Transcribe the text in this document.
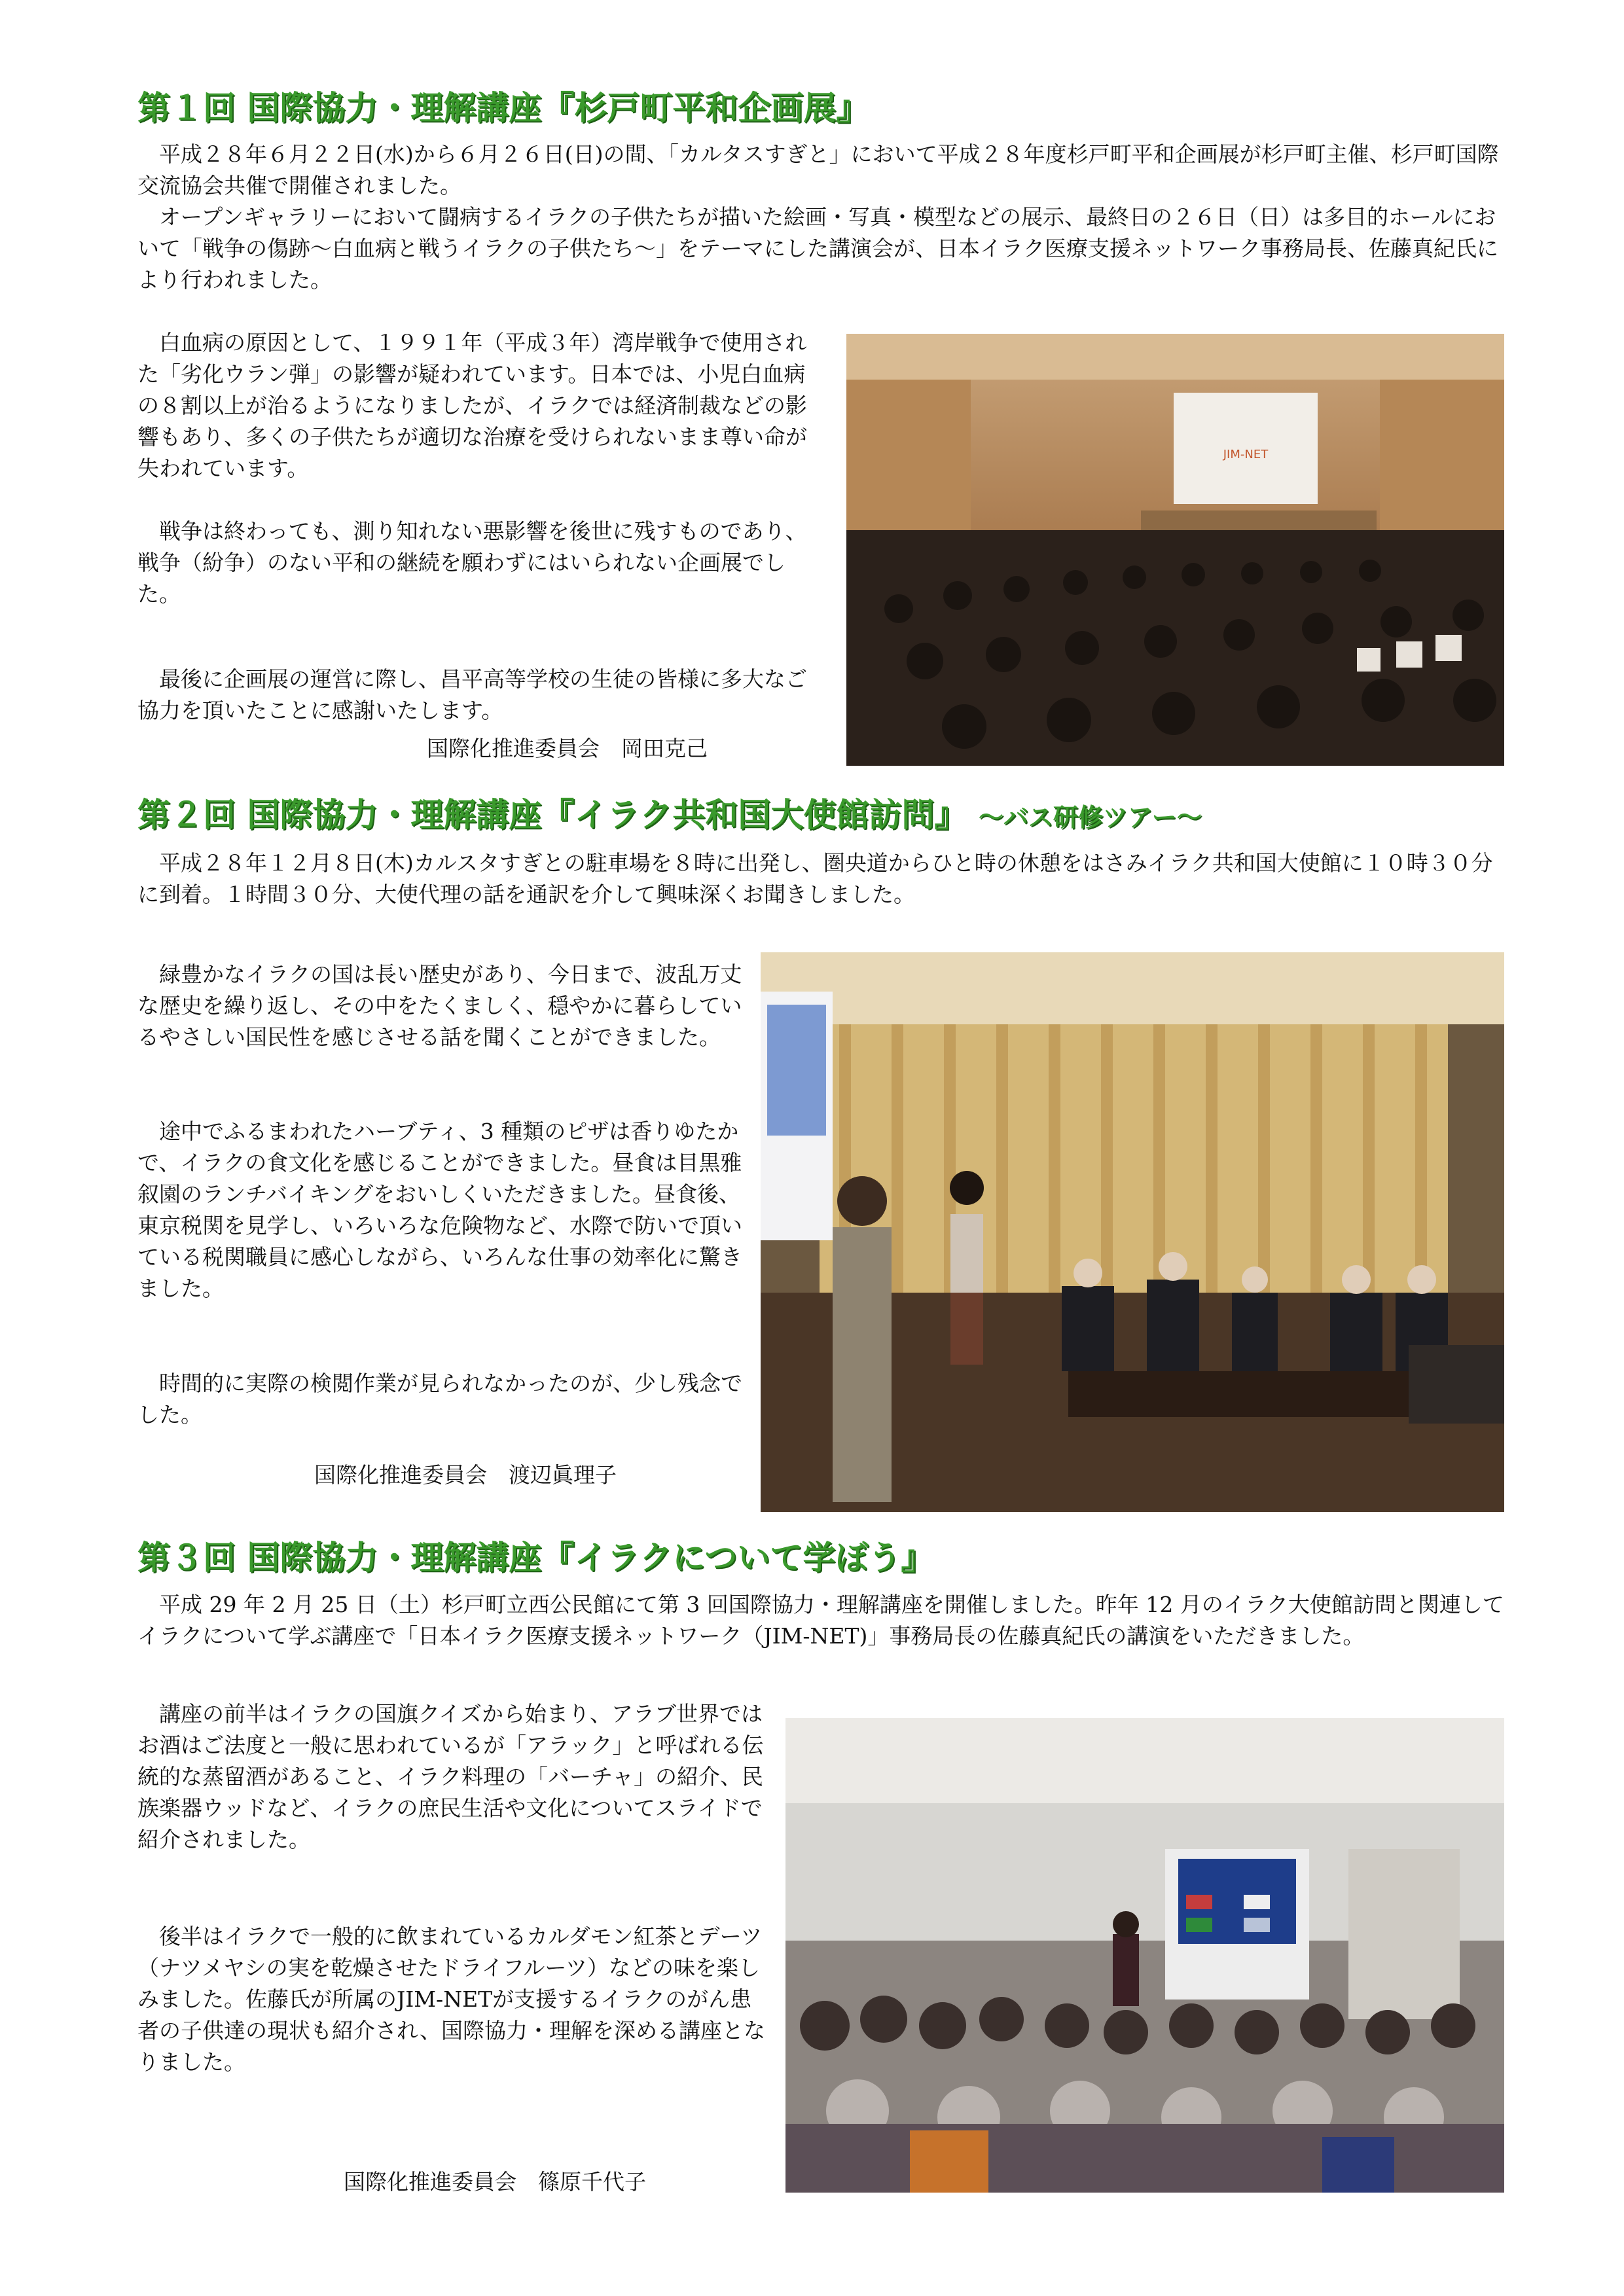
第１回 国際協力・理解講座『杉戸町平和企画展』

平成２８年６月２２日(水)から６月２６日(日)の間、「カルタスすぎと」において平成２８年度杉戸町平和企画展が杉戸町主催、杉戸町国際交流協会共催で開催されました。

オープンギャラリーにおいて闘病するイラクの子供たちが描いた絵画・写真・模型などの展示、最終日の２６日（日）は多目的ホールにおいて「戦争の傷跡～白血病と戦うイラクの子供たち～」をテーマにした講演会が、日本イラク医療支援ネットワーク事務局長、佐藤真紀氏により行われました。

白血病の原因として、１９９１年（平成３年）湾岸戦争で使用された「劣化ウラン弾」の影響が疑われています。日本では、小児白血病の８割以上が治るようになりましたが、イラクでは経済制裁などの影響もあり、多くの子供たちが適切な治療を受けられないまま尊い命が失われています。

戦争は終わっても、測り知れない悪影響を後世に残すものであり、戦争（紛争）のない平和の継続を願わずにはいられない企画展でした。

最後に企画展の運営に際し、昌平高等学校の生徒の皆様に多大なご協力を頂いたことに感謝いたします。

国際化推進委員会　岡田克己

JIM-NET
第２回 国際協力・理解講座『イラク共和国大使館訪問』 ～バス研修ツアー～

平成２８年１２月８日(木)カルスタすぎとの駐車場を８時に出発し、圏央道からひと時の休憩をはさみイラク共和国大使館に１０時３０分に到着。１時間３０分、大使代理の話を通訳を介して興味深くお聞きしました。

緑豊かなイラクの国は長い歴史があり、今日まで、波乱万丈な歴史を繰り返し、その中をたくましく、穏やかに暮らしているやさしい国民性を感じさせる話を聞くことができました。

途中でふるまわれたハーブティ、3 種類のピザは香りゆたかで、イラクの食文化を感じることができました。昼食は目黒雅叙園のランチバイキングをおいしくいただきました。昼食後、東京税関を見学し、いろいろな危険物など、水際で防いで頂いている税関職員に感心しながら、いろんな仕事の効率化に驚きました。

時間的に実際の検閲作業が見られなかったのが、少し残念でした。

国際化推進委員会　渡辺眞理子

第３回 国際協力・理解講座『イラクについて学ぼう』

平成 29 年 2 月 25 日（土）杉戸町立西公民館にて第 3 回国際協力・理解講座を開催しました。昨年 12 月のイラク大使館訪問と関連してイラクについて学ぶ講座で「日本イラク医療支援ネットワーク（JIM-NET)」事務局長の佐藤真紀氏の講演をいただきました。

講座の前半はイラクの国旗クイズから始まり、アラブ世界ではお酒はご法度と一般に思われているが「アラック」と呼ばれる伝統的な蒸留酒があること、イラク料理の「バーチャ」の紹介、民族楽器ウッドなど、イラクの庶民生活や文化についてスライドで紹介されました。

後半はイラクで一般的に飲まれているカルダモン紅茶とデーツ（ナツメヤシの実を乾燥させたドライフルーツ）などの味を楽しみました。佐藤氏が所属のJIM-NETが支援するイラクのがん患者の子供達の現状も紹介され、国際協力・理解を深める講座となりました。

国際化推進委員会　篠原千代子
